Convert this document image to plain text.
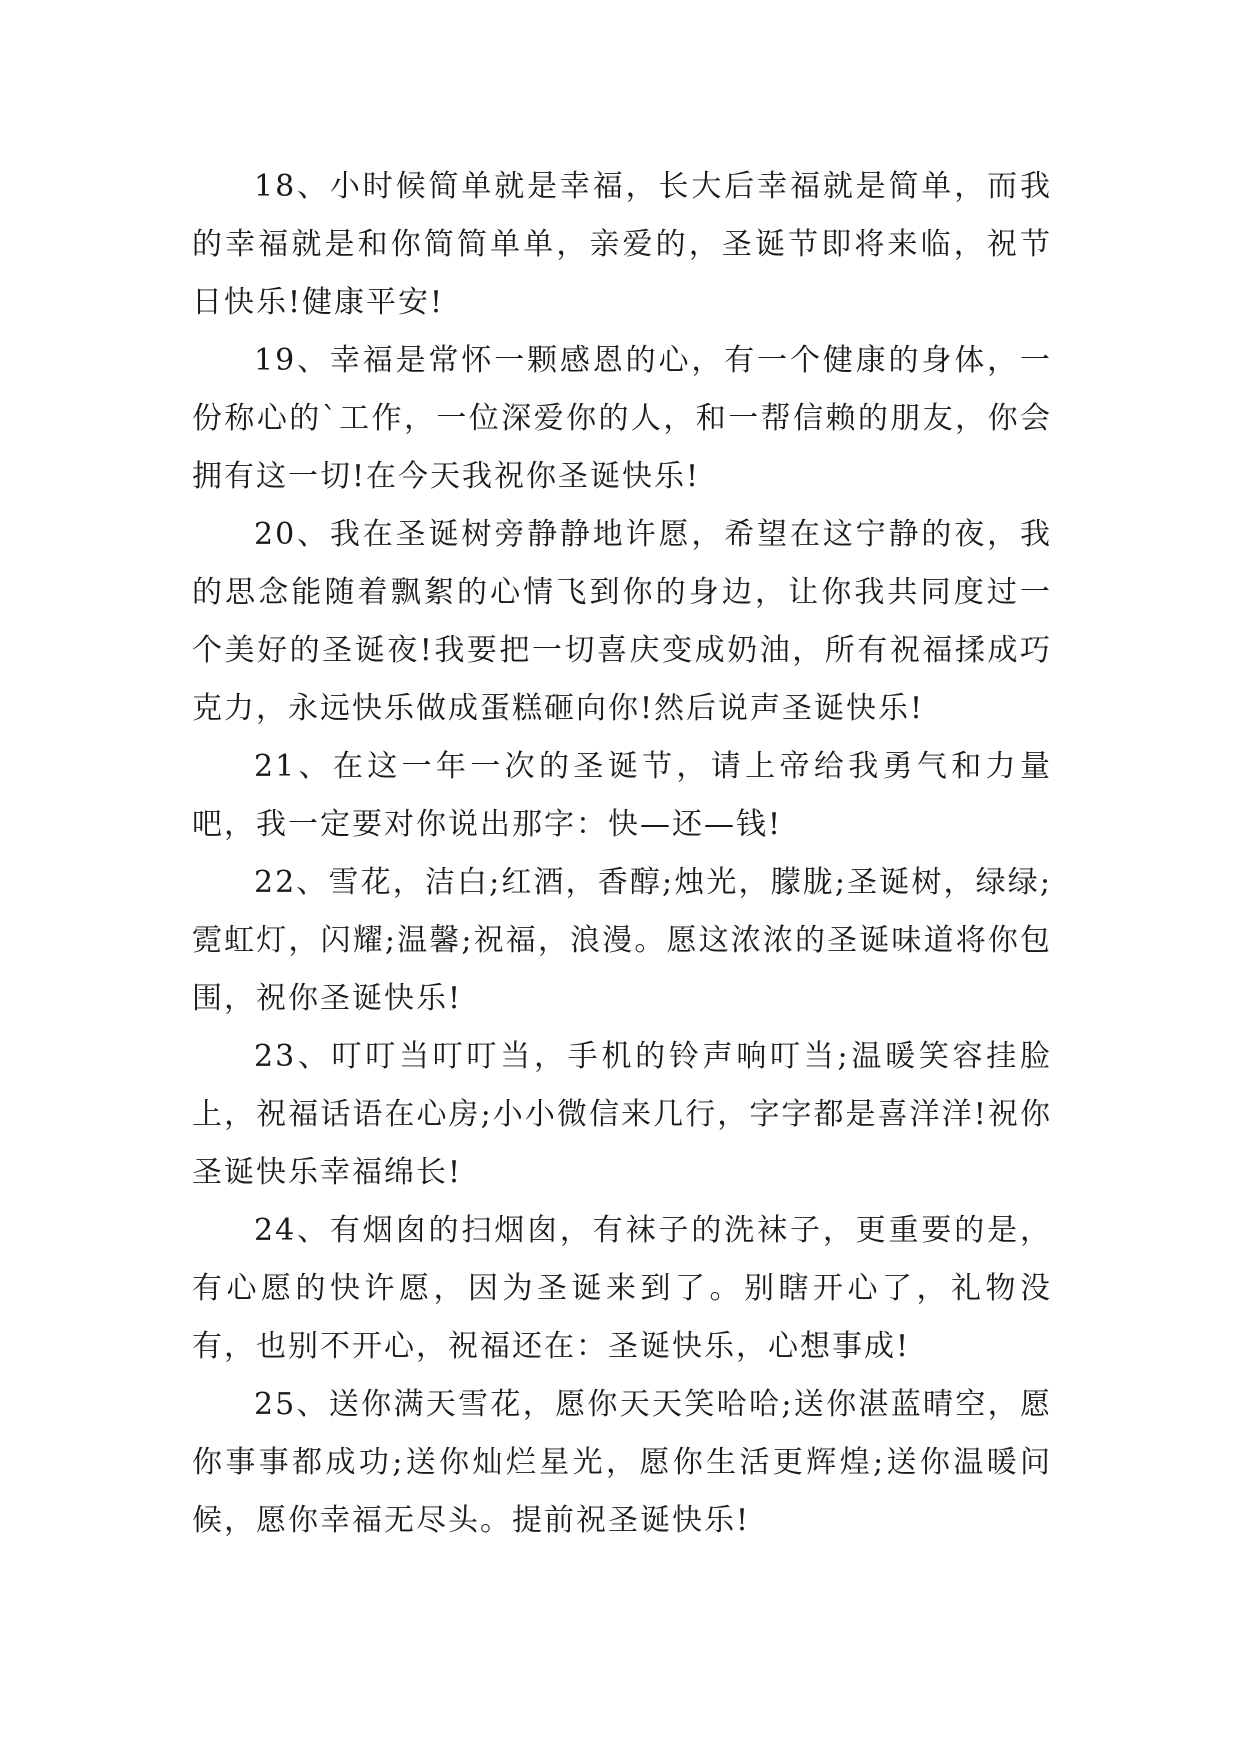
18、小时候简单就是幸福，长大后幸福就是简单，而我的幸福就是和你简简单单，亲爱的，圣诞节即将来临，祝节日快乐!健康平安!

19、幸福是常怀一颗感恩的心，有一个健康的身体，一份称心的`工作，一位深爱你的人，和一帮信赖的朋友，你会拥有这一切!在今天我祝你圣诞快乐!

20、我在圣诞树旁静静地许愿，希望在这宁静的夜，我的思念能随着飘絮的心情飞到你的身边，让你我共同度过一个美好的圣诞夜!我要把一切喜庆变成奶油，所有祝福揉成巧克力，永远快乐做成蛋糕砸向你!然后说声圣诞快乐!

21、在这一年一次的圣诞节，请上帝给我勇气和力量吧，我一定要对你说出那字：快—还—钱!

22、雪花，洁白;红酒，香醇;烛光，朦胧;圣诞树，绿绿;霓虹灯，闪耀;温馨;祝福，浪漫。愿这浓浓的圣诞味道将你包围，祝你圣诞快乐!

23、叮叮当叮叮当，手机的铃声响叮当;温暖笑容挂脸上，祝福话语在心房;小小微信来几行，字字都是喜洋洋!祝你圣诞快乐幸福绵长!

24、有烟囱的扫烟囱，有袜子的洗袜子，更重要的是，有心愿的快许愿，因为圣诞来到了。别瞎开心了，礼物没有，也别不开心，祝福还在：圣诞快乐，心想事成!

25、送你满天雪花，愿你天天笑哈哈;送你湛蓝晴空，愿你事事都成功;送你灿烂星光，愿你生活更辉煌;送你温暖问候，愿你幸福无尽头。提前祝圣诞快乐!
